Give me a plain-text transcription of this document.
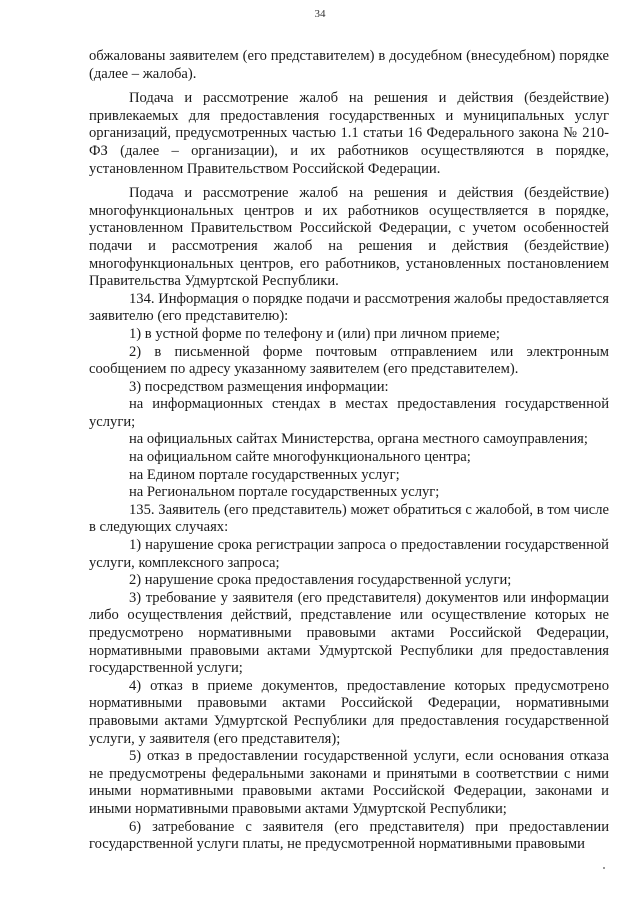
34

обжалованы заявителем (его представителем) в досудебном (внесудебном) порядке (далее – жалоба).

Подача и рассмотрение жалоб на решения и действия (бездействие) привлекаемых для предоставления государственных и муниципальных услуг организаций, предусмотренных частью 1.1 статьи 16 Федерального закона № 210-ФЗ (далее – организации), и их работников осуществляются в порядке, установленном Правительством Российской Федерации.

Подача и рассмотрение жалоб на решения и действия (бездействие) многофункциональных центров и их работников осуществляется в порядке, установленном Правительством Российской Федерации, с учетом особенностей подачи и рассмотрения жалоб на решения и действия (бездействие) многофункциональных центров, его работников, установленных постановлением Правительства Удмуртской Республики.

134. Информация о порядке подачи и рассмотрения жалобы предоставляется заявителю (его представителю):

1) в устной форме по телефону и (или) при личном приеме;

2) в письменной форме почтовым отправлением или электронным сообщением по адресу указанному заявителем (его представителем).

3) посредством размещения информации:

на информационных стендах в местах предоставления государственной услуги;

на официальных сайтах Министерства, органа местного самоуправления;

на официальном сайте многофункционального центра;

на Едином портале государственных услуг;

на Региональном портале государственных услуг;

135. Заявитель (его представитель) может обратиться с жалобой, в том числе в следующих случаях:

1) нарушение срока регистрации запроса о предоставлении государственной услуги, комплексного запроса;

2) нарушение срока предоставления государственной услуги;

3) требование у заявителя (его представителя) документов или информации либо осуществления действий, представление или осуществление которых не предусмотрено нормативными правовыми актами Российской Федерации, нормативными правовыми актами Удмуртской Республики для предоставления государственной услуги;

4) отказ в приеме документов, предоставление которых предусмотрено нормативными правовыми актами Российской Федерации, нормативными правовыми актами Удмуртской Республики для предоставления государственной услуги, у заявителя (его представителя);

5) отказ в предоставлении государственной услуги, если основания отказа не предусмотрены федеральными законами и принятыми в соответствии с ними иными нормативными правовыми актами Российской Федерации, законами и иными нормативными правовыми актами Удмуртской Республики;

6) затребование с заявителя (его представителя) при предоставлении государственной услуги платы, не предусмотренной нормативными правовыми
